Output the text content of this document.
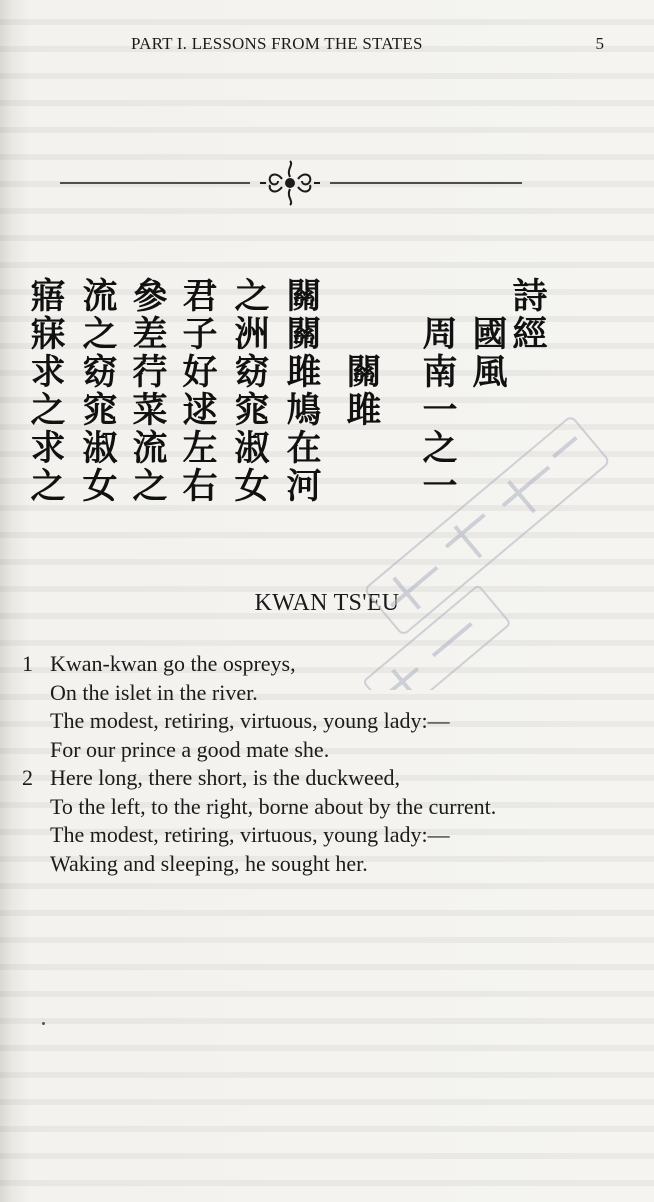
PART I. LESSONS FROM THE STATES	5
寤
寐
求
之
求
之
流
之
窈
窕
淑
女
參
差
荇
菜
流
之
君
子
好
逑
左
右
之
洲
窈
窕
淑
女
關
關
雎
鳩
在
河
關
雎
周
南
一
之
一
國
風
詩
經
KWAN TS'EU
1 Kwan-kwan go the ospreys,
On the islet in the river.
The modest, retiring, virtuous, young lady:—
For our prince a good mate she.
2 Here long, there short, is the duckweed,
To the left, to the right, borne about by the current.
The modest, retiring, virtuous, young lady:—
Waking and sleeping, he sought her.
